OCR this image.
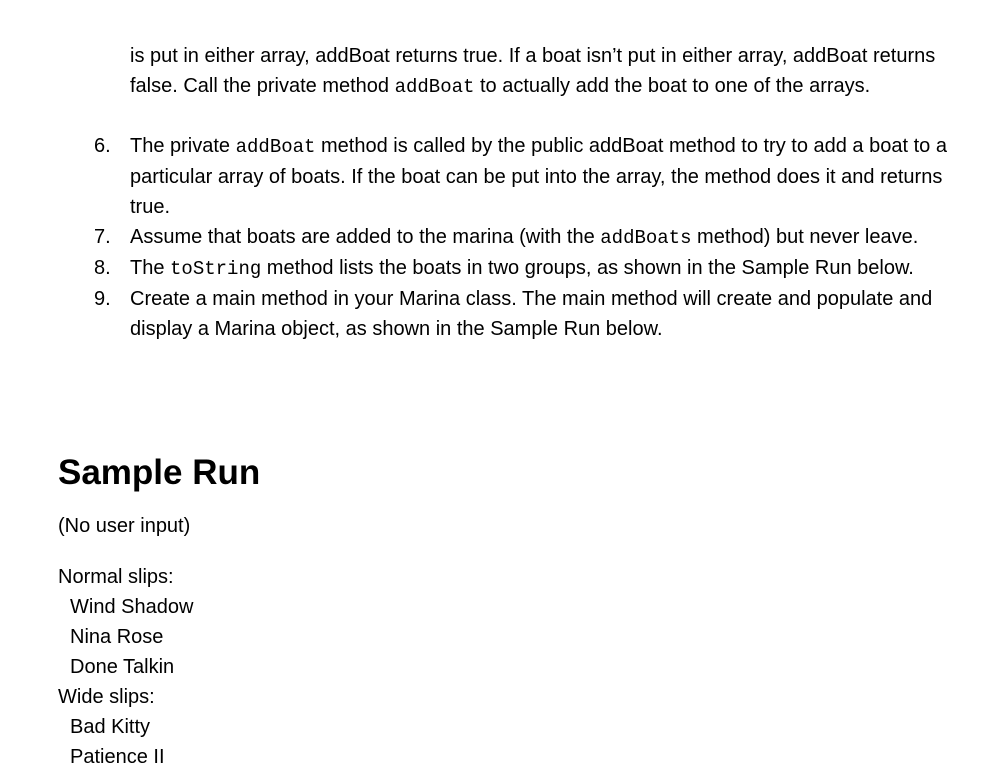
is put in either array, addBoat returns true. If a boat isn’t put in either array, addBoat returns false. Call the private method addBoat to actually add the boat to one of the arrays.

6. The private addBoat method is called by the public addBoat method to try to add a boat to a particular array of boats. If the boat can be put into the array, the method does it and returns true.
7. Assume that boats are added to the marina (with the addBoats method) but never leave.
8. The toString method lists the boats in two groups, as shown in the Sample Run below.
9. Create a main method in your Marina class. The main method will create and populate and display a Marina object, as shown in the Sample Run below.
Sample Run

(No user input)

Normal slips:
Wind Shadow
Nina Rose
Done Talkin
Wide slips:
Bad Kitty
Patience II
